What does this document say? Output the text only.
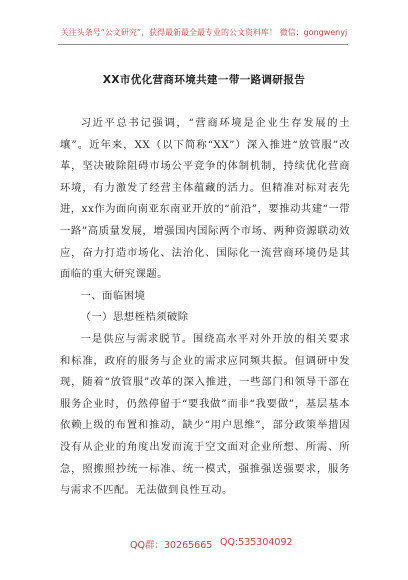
关注头条号“公文研究”，获得最新最全最专业的公文资料库！ 微信：gongwenyj
XX市优化营商环境共建一带一路调研报告

习近平总书记强调，“营商环境是企业生存发展的土壤”。近年来，XX（以下简称“XX”）深入推进“放管服”改革，坚决破除阻碍市场公平竞争的体制机制，持续优化营商环境，有力激发了经营主体蕴藏的活力。但精准对标对表先进，xx作为面向南亚东南亚开放的“前沿”，要推动共建“一带一路”高质量发展，增强国内国际两个市场、两种资源联动效应，奋力打造市场化、法治化、国际化一流营商环境仍是其面临的重大研究课题。

一、面临困境

（一）思想桎梏须破除

一是供应与需求脱节。围绕高水平对外开放的相关要求和标准，政府的服务与企业的需求应同频共振。但调研中发现，随着“放管服”改革的深入推进，一些部门和领导干部在服务企业时，仍然停留于“要我做”而非“我要做”，基层基本依赖上级的布置和推动，缺少“用户思维”，部分政策举措因没有从企业的角度出发而流于空文面对企业所想、所需、所急，照搬照抄统一标准、统一模式，强推强送强要求，服务与需求不匹配。无法做到良性互动。

QQ群：30265665 QQ:535304092
